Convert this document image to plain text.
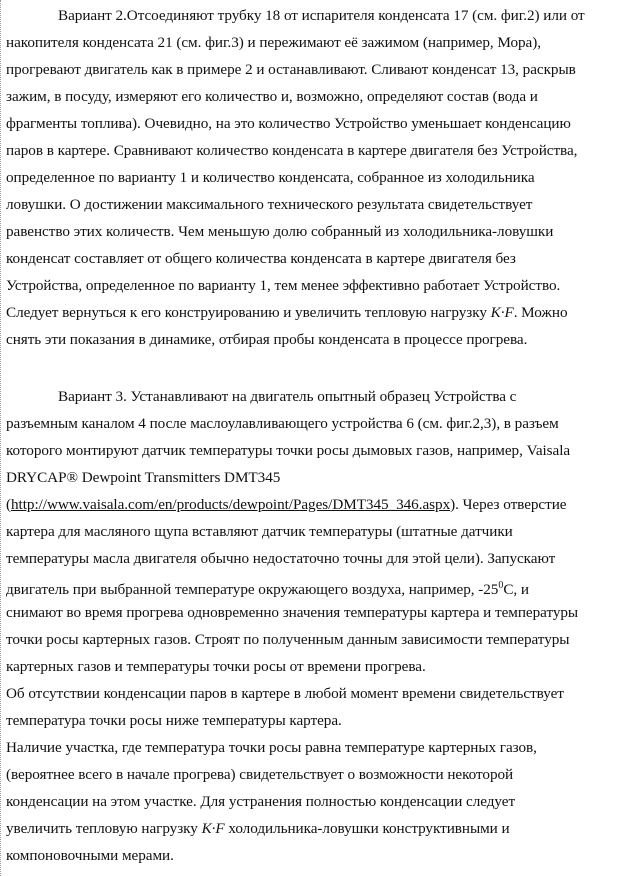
Вариант 2.Отсоединяют трубку 18 от испарителя конденсата 17 (см. фиг.2) или от
накопителя конденсата 21 (см. фиг.3) и пережимают её зажимом (например, Мора),
прогревают двигатель как в примере 2 и останавливают. Сливают конденсат 13, раскрыв
зажим, в посуду, измеряют его количество и, возможно, определяют состав (вода и
фрагменты топлива). Очевидно, на это количество Устройство уменьшает конденсацию
паров в картере. Сравнивают количество конденсата в картере двигателя без Устройства,
определенное по варианту 1 и количество конденсата, собранное из холодильника
ловушки. О достижении максимального технического результата свидетельствует
равенство этих количеств. Чем меньшую долю собранный из холодильника-ловушки
конденсат составляет от общего количества конденсата в картере двигателя без
Устройства, определенное по варианту 1, тем менее эффективно работает Устройство.
Следует вернуться к его конструированию и увеличить тепловую нагрузку K·F. Можно
снять эти показания в динамике, отбирая пробы конденсата в процессе прогрева.
Вариант 3. Устанавливают на двигатель опытный образец Устройства с
разъемным каналом 4 после маслоулавливающего устройства 6 (см. фиг.2,3), в разъем
которого монтируют датчик температуры точки росы дымовых газов, например, Vaisala
DRYCAP® Dewpoint Transmitters DMT345
(http://www.vaisala.com/en/products/dewpoint/Pages/DMT345_346.aspx). Через отверстие
картера для масляного щупа вставляют датчик температуры (штатные датчики
температуры масла двигателя обычно недостаточно точны для этой цели). Запускают
двигатель при выбранной температуре окружающего воздуха, например, $-25^0С$, и
снимают во время прогрева одновременно значения температуры картера и температуры
точки росы картерных газов. Строят по полученным данным зависимости температуры
картерных газов и температуры точки росы от времени прогрева.
Об отсутствии конденсации паров в картере в любой момент времени свидетельствует
температура точки росы ниже температуры картера.
Наличие участка, где температура точки росы равна температуре картерных газов,
(вероятнее всего в начале прогрева) свидетельствует о возможности некоторой
конденсации на этом участке. Для устранения полностью конденсации следует
увеличить тепловую нагрузку K·F холодильника-ловушки конструктивными и
компоновочными мерами.
